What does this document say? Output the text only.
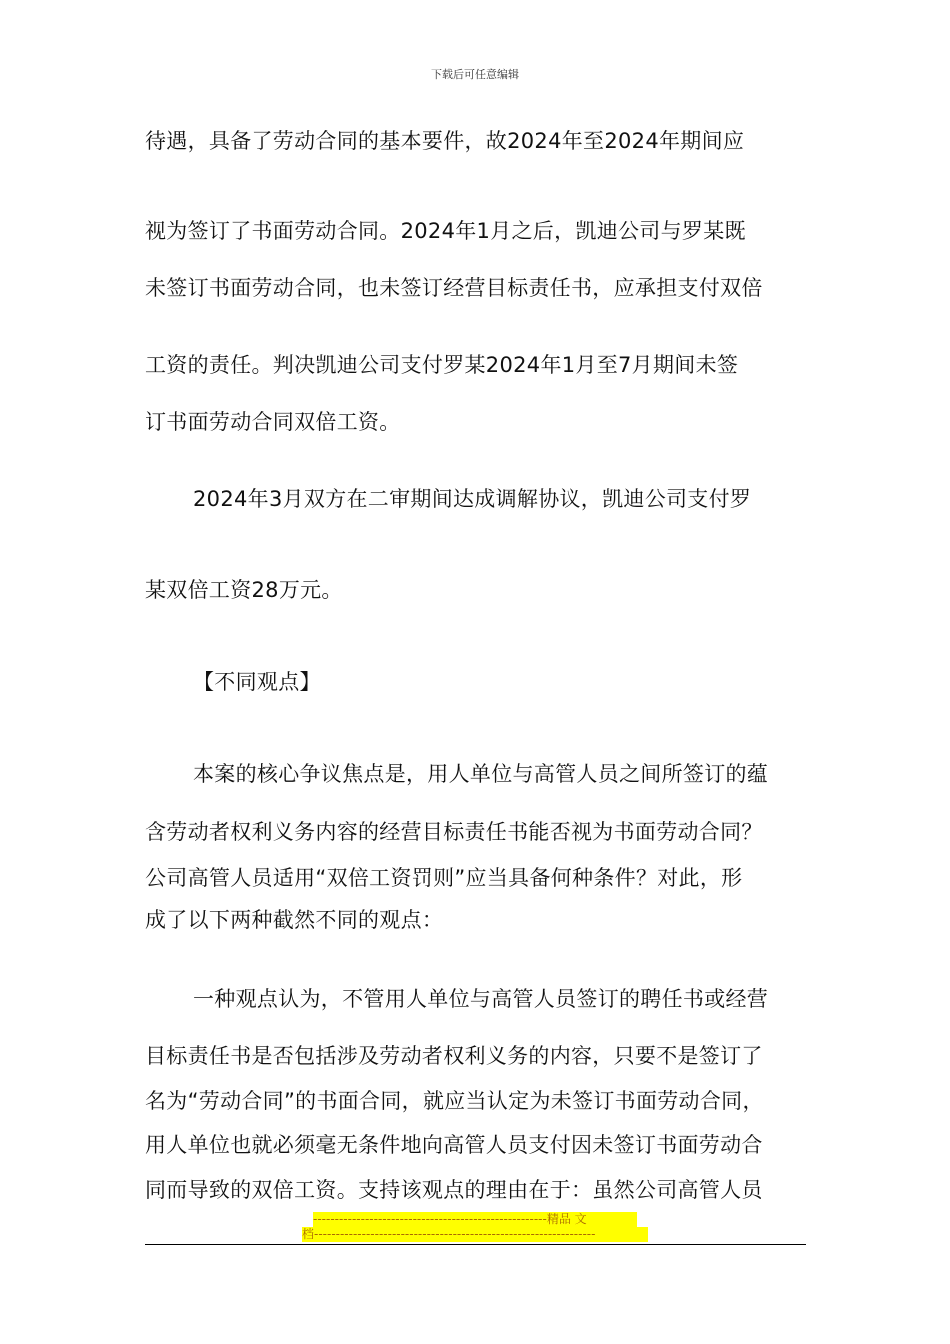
下载后可任意编辑
待遇，具备了劳动合同的基本要件，故2024年至2024年期间应
视为签订了书面劳动合同。2024年1月之后，凯迪公司与罗某既
未签订书面劳动合同，也未签订经营目标责任书，应承担支付双倍
工资的责任。判决凯迪公司支付罗某2024年1月至7月期间未签
订书面劳动合同双倍工资。
2024年3月双方在二审期间达成调解协议，凯迪公司支付罗
某双倍工资28万元。
【不同观点】
本案的核心争议焦点是，用人单位与高管人员之间所签订的蕴
含劳动者权利义务内容的经营目标责任书能否视为书面劳动合同？
公司高管人员适用“双倍工资罚则”应当具备何种条件？对此，形
成了以下两种截然不同的观点：
一种观点认为，不管用人单位与高管人员签订的聘任书或经营
目标责任书是否包括涉及劳动者权利义务的内容，只要不是签订了
名为“劳动合同”的书面合同，就应当认定为未签订书面劳动合同，
用人单位也就必须毫无条件地向高管人员支付因未签订书面劳动合
同而导致的双倍工资。支持该观点的理由在于：虽然公司高管人员
------------------------------------------------------精品 文
档-----------------------------------------------------------------
